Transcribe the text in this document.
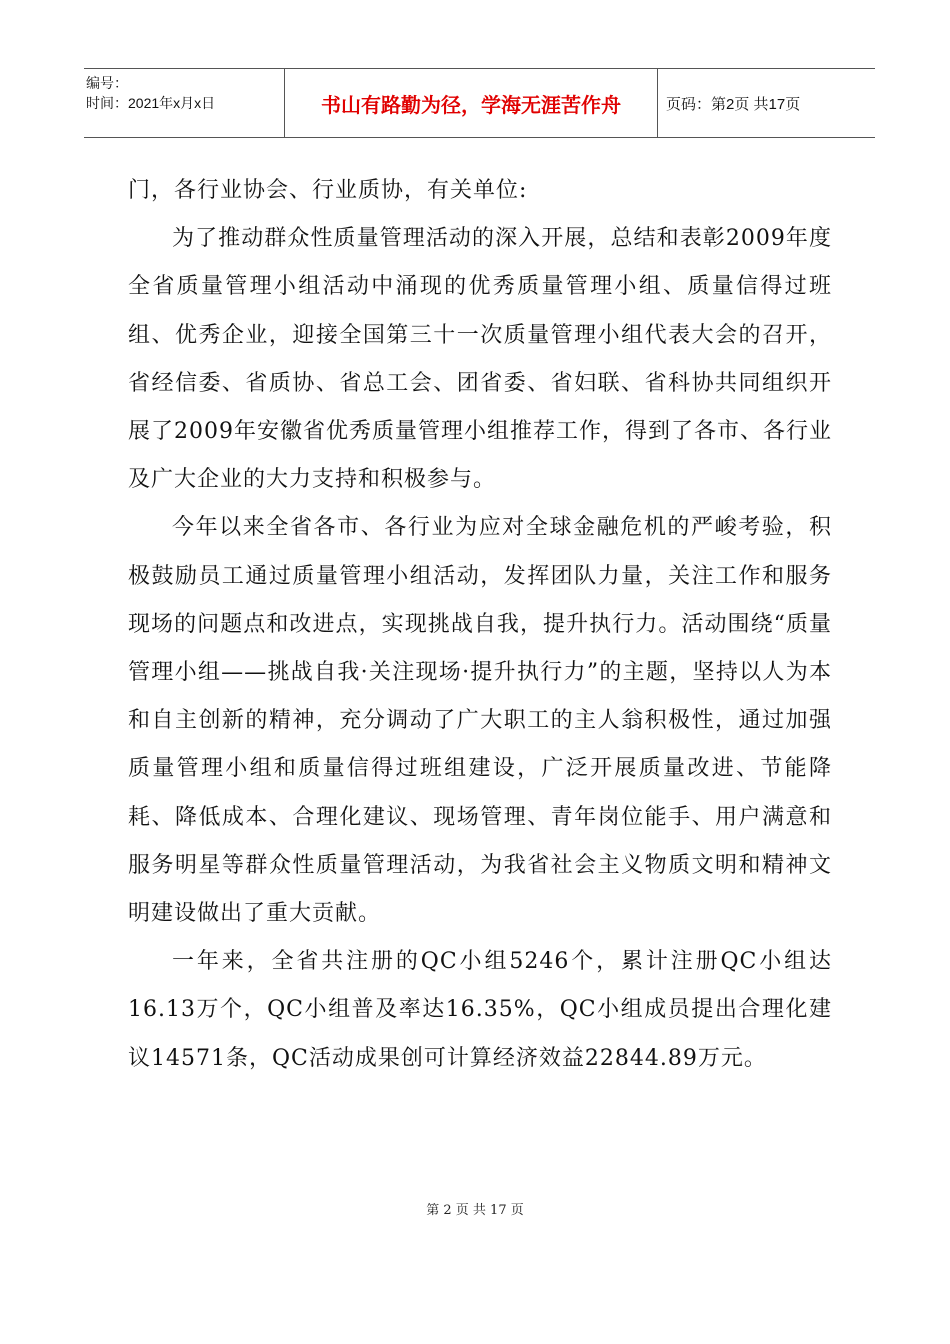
编号：
时间：2021年x月x日	书山有路勤为径，学海无涯苦作舟	页码：第2页 共17页

门，各行业协会、行业质协，有关单位:

为了推动群众性质量管理活动的深入开展，总结和表彰2009年度全省质量管理小组活动中涌现的优秀质量管理小组、质量信得过班组、优秀企业，迎接全国第三十一次质量管理小组代表大会的召开，省经信委、省质协、省总工会、团省委、省妇联、省科协共同组织开展了2009年安徽省优秀质量管理小组推荐工作，得到了各市、各行业及广大企业的大力支持和积极参与。

今年以来全省各市、各行业为应对全球金融危机的严峻考验，积极鼓励员工通过质量管理小组活动，发挥团队力量，关注工作和服务现场的问题点和改进点，实现挑战自我，提升执行力。活动围绕“质量管理小组——挑战自我·关注现场·提升执行力”的主题，坚持以人为本和自主创新的精神，充分调动了广大职工的主人翁积极性，通过加强质量管理小组和质量信得过班组建设，广泛开展质量改进、节能降耗、降低成本、合理化建议、现场管理、青年岗位能手、用户满意和服务明星等群众性质量管理活动，为我省社会主义物质文明和精神文明建设做出了重大贡献。

一年来，全省共注册的QC小组5246个，累计注册QC小组达16.13万个，QC小组普及率达16.35%，QC小组成员提出合理化建议14571条，QC活动成果创可计算经济效益22844.89万元。

第 2 页 共 17 页
